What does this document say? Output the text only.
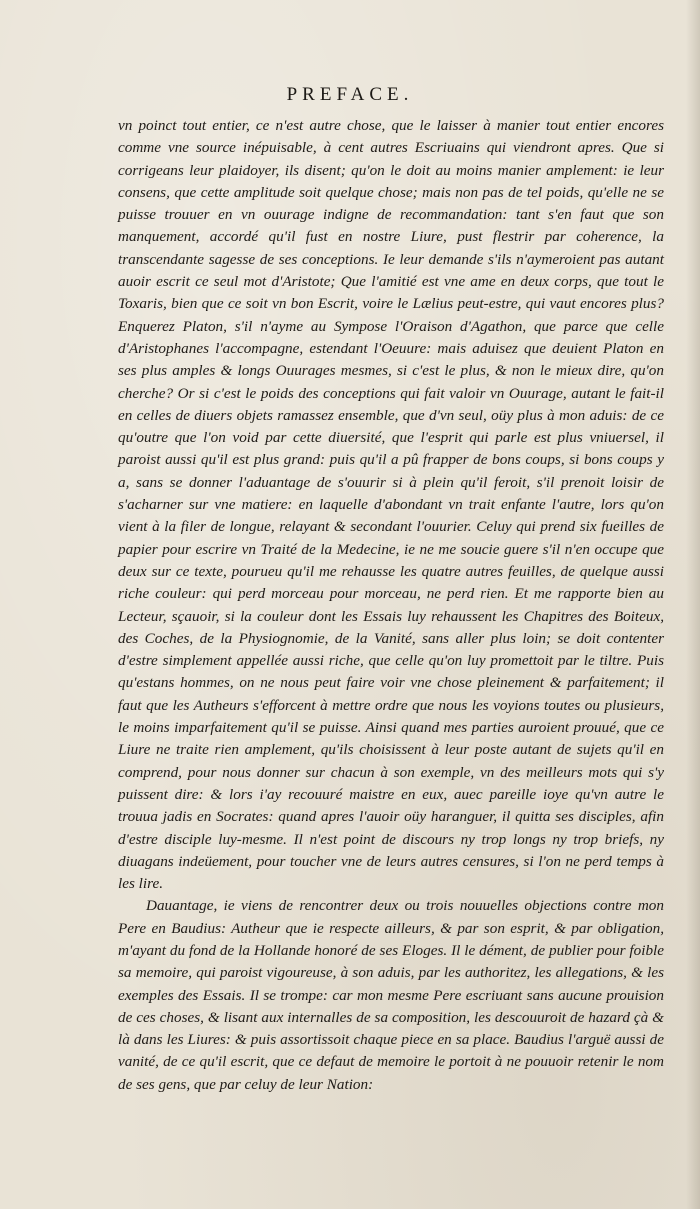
PREFACE.

vn poinct tout entier, ce n'est autre chose, que le laisser à manier tout entier encores comme vne source inépuisable, à cent autres Escriuains qui viendront apres. Que si corrigeans leur plaidoyer, ils disent; qu'on le doit au moins manier amplement: ie leur consens, que cette amplitude soit quelque chose; mais non pas de tel poids, qu'elle ne se puisse trouuer en vn ouurage indigne de recommandation: tant s'en faut que son manquement, accordé qu'il fust en nostre Liure, pust flestrir par coherence, la transcendante sagesse de ses conceptions. Ie leur demande s'ils n'aymeroient pas autant auoir escrit ce seul mot d'Aristote; Que l'amitié est vne ame en deux corps, que tout le Toxaris, bien que ce soit vn bon Escrit, voire le Lælius peut-estre, qui vaut encores plus? Enquerez Platon, s'il n'ayme au Sympose l'Oraison d'Agathon, que parce que celle d'Aristophanes l'accompagne, estendant l'Oeuure: mais aduisez que deuient Platon en ses plus amples & longs Ouurages mesmes, si c'est le plus, & non le mieux dire, qu'on cherche? Or si c'est le poids des conceptions qui fait valoir vn Ouurage, autant le fait-il en celles de diuers objets ramassez ensemble, que d'vn seul, oüy plus à mon aduis: de ce qu'outre que l'on void par cette diuersité, que l'esprit qui parle est plus vniuersel, il paroist aussi qu'il est plus grand: puis qu'il a pû frapper de bons coups, si bons coups y a, sans se donner l'aduantage de s'ouurir si à plein qu'il feroit, s'il prenoit loisir de s'acharner sur vne matiere: en laquelle d'abondant vn trait enfante l'autre, lors qu'on vient à la filer de longue, relayant & secondant l'ouurier. Celuy qui prend six fueilles de papier pour escrire vn Traité de la Medecine, ie ne me soucie guere s'il n'en occupe que deux sur ce texte, pourueu qu'il me rehausse les quatre autres feuilles, de quelque aussi riche couleur: qui perd morceau pour morceau, ne perd rien. Et me rapporte bien au Lecteur, sçauoir, si la couleur dont les Essais luy rehaussent les Chapitres des Boiteux, des Coches, de la Physiognomie, de la Vanité, sans aller plus loin; se doit contenter d'estre simplement appellée aussi riche, que celle qu'on luy promettoit par le tiltre. Puis qu'estans hommes, on ne nous peut faire voir vne chose pleinement & parfaitement; il faut que les Autheurs s'efforcent à mettre ordre que nous les voyions toutes ou plusieurs, le moins imparfaitement qu'il se puisse. Ainsi quand mes parties auroient prouué, que ce Liure ne traite rien amplement, qu'ils choisissent à leur poste autant de sujets qu'il en comprend, pour nous donner sur chacun à son exemple, vn des meilleurs mots qui s'y puissent dire: & lors i'ay recouuré maistre en eux, auec pareille ioye qu'vn autre le trouua jadis en Socrates: quand apres l'auoir oüy haranguer, il quitta ses disciples, afin d'estre disciple luy-mesme. Il n'est point de discours ny trop longs ny trop briefs, ny diuagans indeüement, pour toucher vne de leurs autres censures, si l'on ne perd temps à les lire.

Dauantage, ie viens de rencontrer deux ou trois nouuelles objections contre mon Pere en Baudius: Autheur que ie respecte ailleurs, & par son esprit, & par obligation, m'ayant du fond de la Hollande honoré de ses Eloges. Il le dément, de publier pour foible sa memoire, qui paroist vigoureuse, à son aduis, par les authoritez, les allegations, & les exemples des Essais. Il se trompe: car mon mesme Pere escriuant sans aucune prouision de ces choses, & lisant aux internalles de sa composition, les descouuroit de hazard çà & là dans les Liures: & puis assortissoit chaque piece en sa place. Baudius l'arguë aussi de vanité, de ce qu'il escrit, que ce defaut de memoire le portoit à ne pouuoir retenir le nom de ses gens, que par celuy de leur Nation:
